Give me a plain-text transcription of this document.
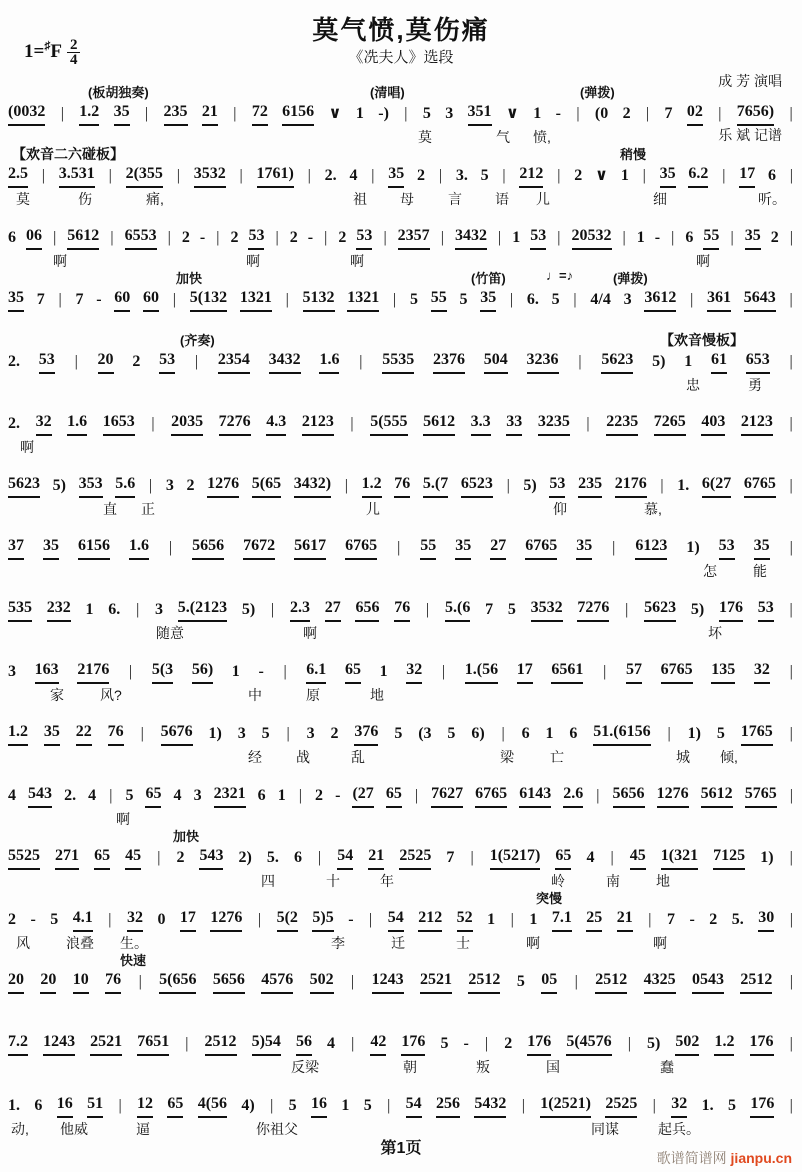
莫气愤,莫伤痛
《冼夫人》选段
$1=^♯F \frac{2}{4}$

成 芳 演唱

乐 斌 记谱

(板胡独奏)	(清唱)	(弹拨)
(0032 | 1.2 35 | 235 21 | 72 6156 ∨ 1 -) | 5 3 351 ∨ 1 - | (0 2 | 7 02 | 7656) |
莫	气 愤,
【欢音二六碰板】	稍慢
2.5 | 3.531 | 2(355 | 3532 | 1761) | 2. 4 | 35 2 | 3. 5 | 212 | 2 ∨ 1 | 35 6.2 | 17 6 |
莫	伤	痛,	祖 母 言 语 儿	细	听。
6 06 | 5612 | 6553 | 2 - | 2 53 | 2 - | 2 53 | 2357 | 3432 | 1 53 | 20532 | 1 - | 6 55 | 35 2 |
啊	啊	啊	啊
加快	(竹笛)	♩=♪	(弹拨)
35 7 | 7 - 60 60 | 5(132 1321 | 5132 1321 | 5 55 5 35 | 6. 5 | 4/4 3 3612 | 361 5643 |
(齐奏)	【欢音慢板】
2. 53 | 20 2 53 | 2354 3432 1.6 | 5535 2376 504 3236 | 5623 5) 1 61 653 |
忠	勇
2. 32 1.6 1653 | 2035 7276 4.3 2123 | 5(555 5612 3.3 33 3235 | 2235 7265 403 2123 |
啊
5623 5) 353 5.6 | 3 2 1276 5(65 3432) | 1.2 76 5.(7 6523 | 5) 53 235 2176 | 1. 6(27 6765 |
直 正	儿	仰	慕,
37 35 6156 1.6 | 5656 7672 5617 6765 | 55 35 27 6765 35 | 6123 1) 53 35 |
怎	能
535 232 1 6. | 3 5.(2123 5) | 2.3 27 656 76 | 5.(6 7 5 3532 7276 | 5623 5) 176 53 |
随意	啊	坏
3 163 2176 | 5(3 56) 1 - | 6.1 65 1 32 | 1.(56 17 6561 | 57 6765 135 32 |
家	风?	中	原	地
1.2 35 22 76 | 5676 1) 3 5 | 3 2 376 5 (3 5 6) | 6 1 6 51.(6156 | 1) 5 1765 |
经 战	乱	梁	亡	城 倾,
4 543 2. 4 | 5 65 4 3 2321 6 1 | 2 - (27 65 | 7627 6765 6143 2.6 | 5656 1276 5612 5765 |
啊
加快
5525 271 65 45 | 2 543 2) 5. 6 | 54 21 2525 7 | 1(5217) 65 4 | 45 1(321 7125 1) |
四	十	年	岭	南	地
突慢
2 - 5 4.1 | 32 0 17 1276 | 5(2 5)5 - | 54 212 52 1 | 1 7.1 25 21 | 7 - 2 5. 30 |
风	浪叠 生。	李	迁	士	啊	啊
快速
20 20 10 76 | 5(656 5656 4576 502 | 1243 2521 2512 5 05 | 2512 4325 0543 2512 |
7.2 1243 2521 7651 | 2512 5)54 56 4 | 42 176 5 - | 2 176 5(4576 | 5) 502 1.2 176 |
反梁	朝	叛	国	蠢
1. 6 16 51 | 12 65 4(56 4) | 5 16 1 5 | 54 256 5432 | 1(2521) 2525 | 32 1. 5 176 |
动, 他威	逼	你祖父	同谋	起兵。
第1页
歌谱简谱网 jianpu.cn
